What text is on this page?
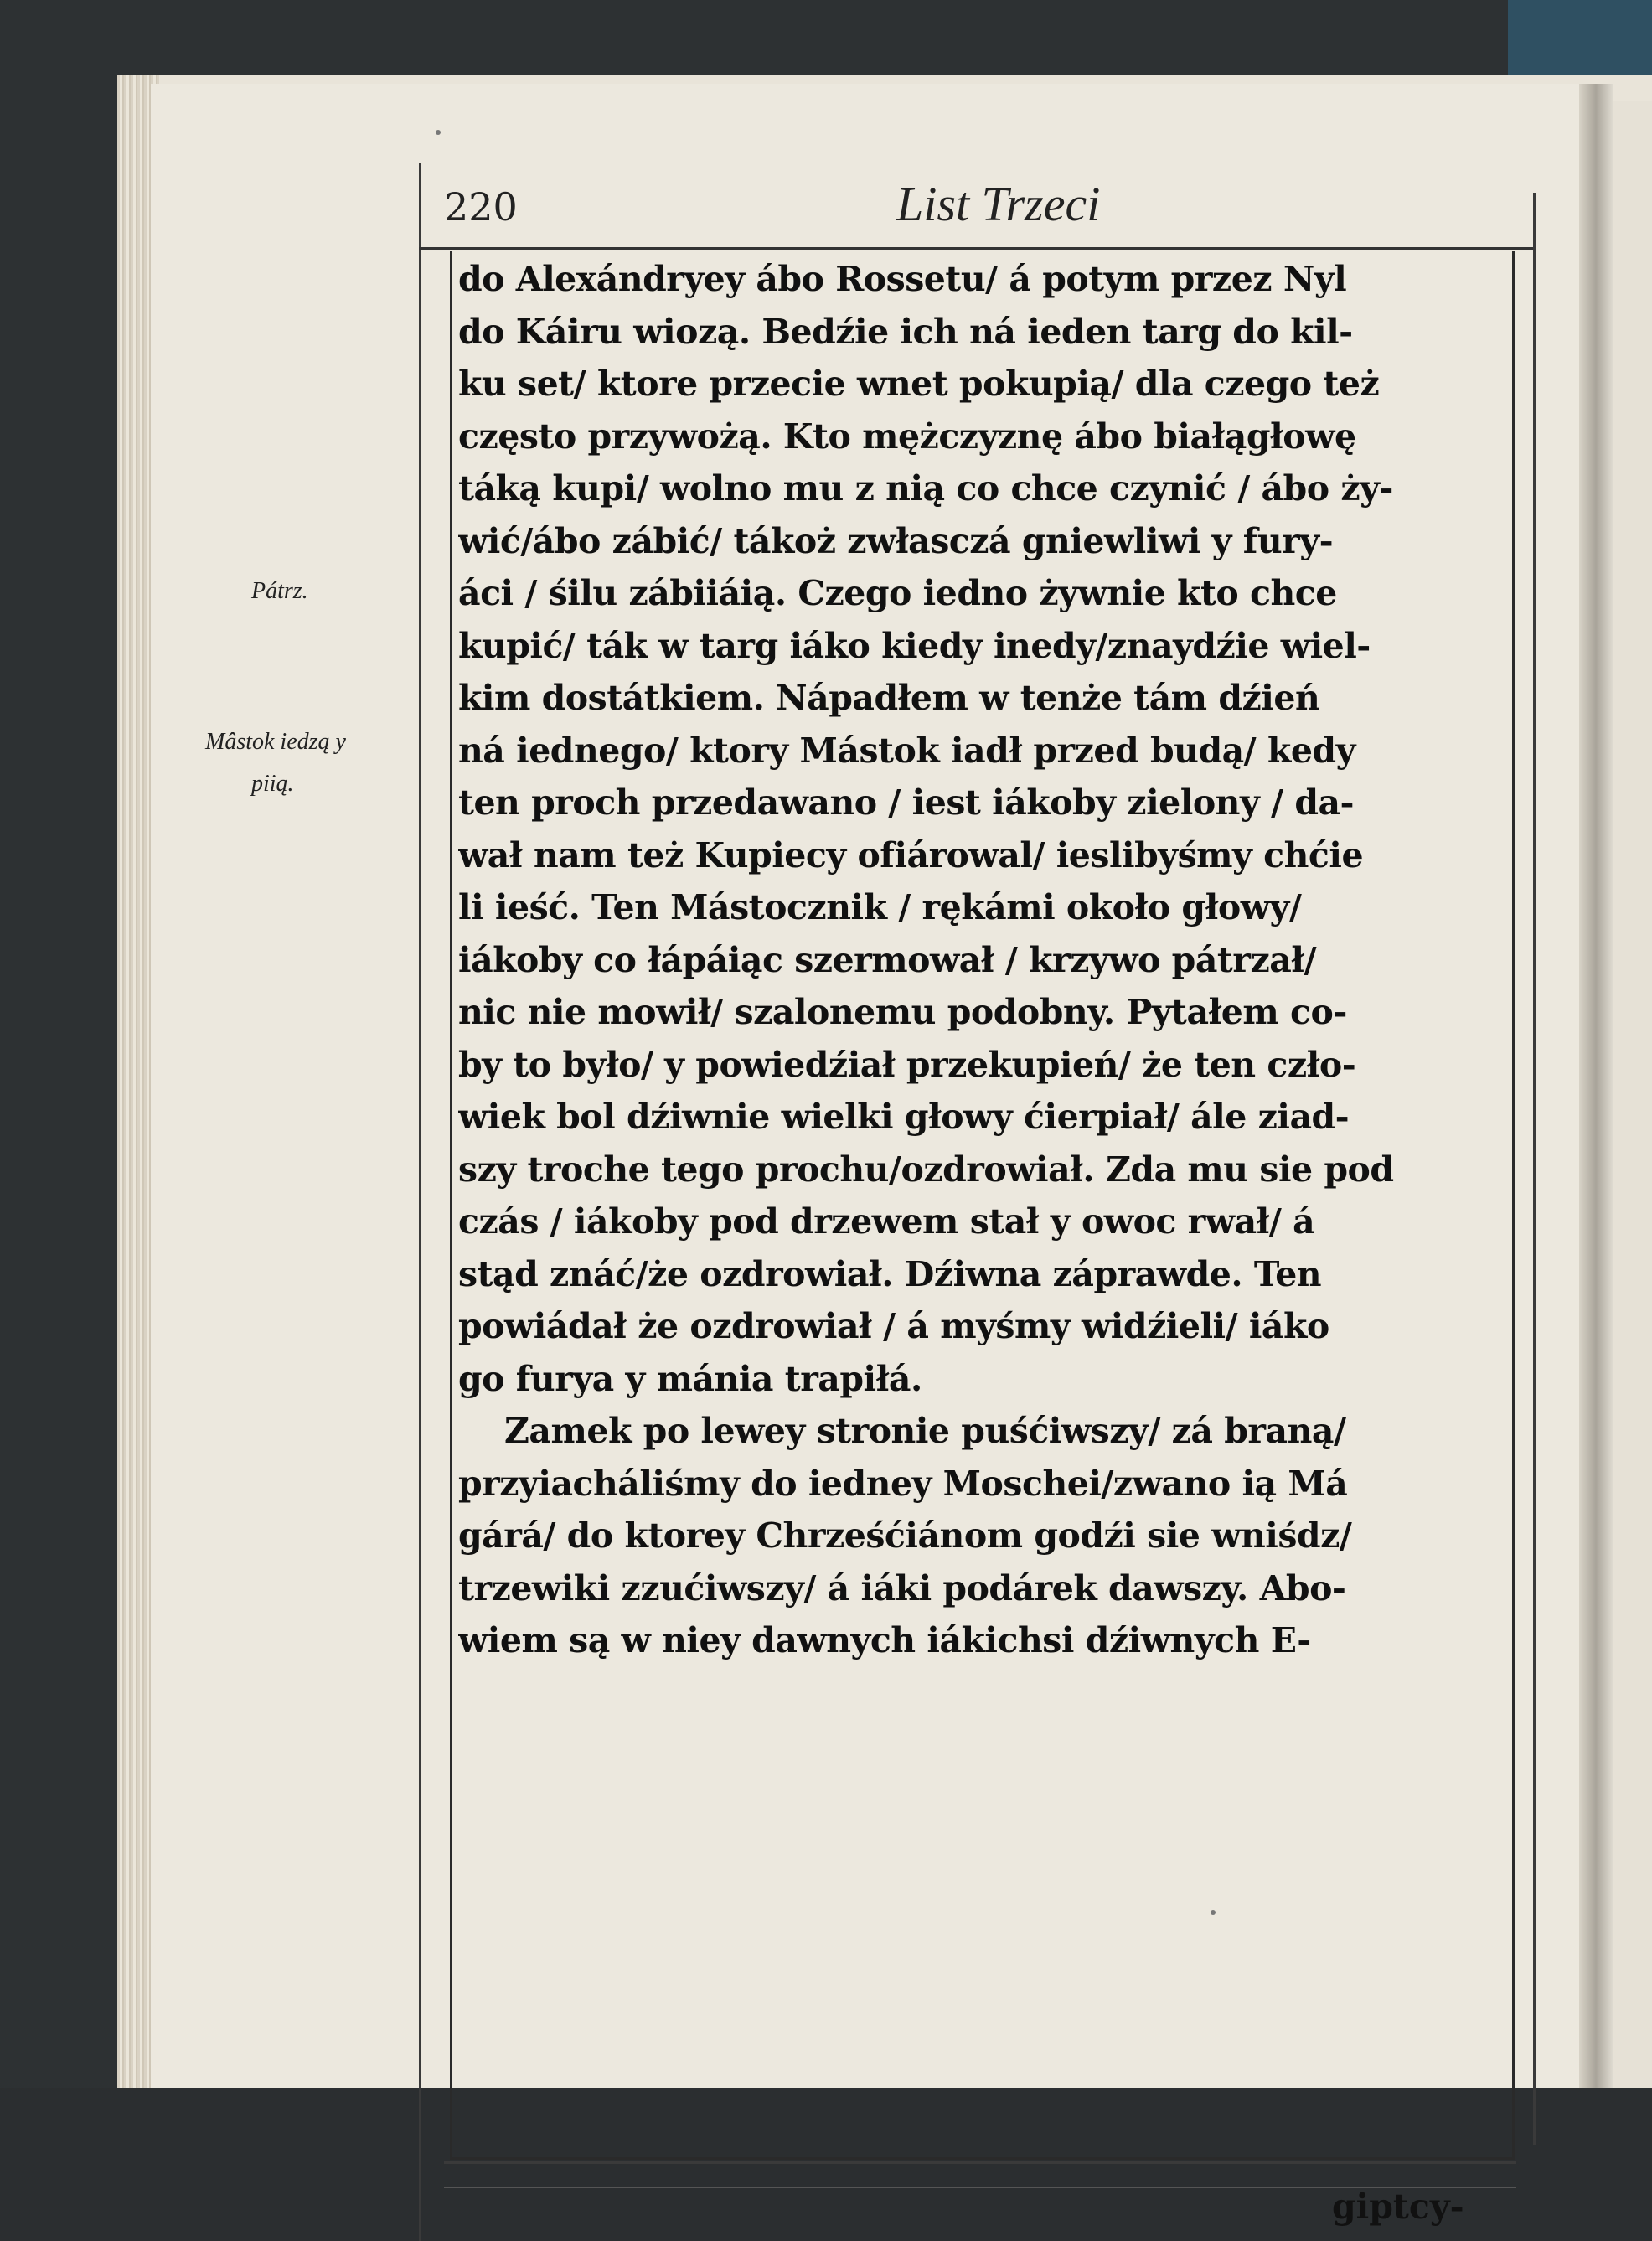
220	List Trzeci
Pátrz.
Mâstok iedzą y
piią.
do Alexándryey ábo Rossetu/ á potym przez Nyl
do Káiru wiozą. Bedźie ich ná ieden targ do kil-
ku set/ ktore przecie wnet pokupią/ dla czego też
często przywożą. Kto mężczyznę ábo białągłowę
táką kupi/ wolno mu z nią co chce czynić / ábo ży-
wić/ábo zábić/ tákoż zwłasczá gniewliwi y fury-
áci / śilu zábiiáią. Czego iedno żywnie kto chce
kupić/ ták w targ iáko kiedy inedy/znaydźie wiel-
kim dostátkiem. Nápadłem w tenże tám dźień
ná iednego/ ktory Mástok iadł przed budą/ kedy
ten proch przedawano / iest iákoby zielony / da-
wał nam też Kupiecy ofiárowal/ ieslibyśmy chćie
li ieść. Ten Mástocznik / rękámi około głowy/
iákoby co łápáiąc szermował / krzywo pátrzał/
nic nie mowił/ szalonemu podobny. Pytałem co-
by to było/ y powiedźiał przekupień/ że ten czło-
wiek bol dźiwnie wielki głowy ćierpiał/ ále ziad-
szy troche tego prochu/ozdrowiał. Zda mu sie pod
czás / iákoby pod drzewem stał y owoc rwał/ á
stąd znáć/że ozdrowiał. Dźiwna záprawde. Ten
powiádał że ozdrowiał / á myśmy widźieli/ iáko
go furya y mánia trapiłá.
Zamek po lewey stronie puśćiwszy/ zá braną/
przyiacháliśmy do iedney Moschei/zwano ią Má
gárá/ do ktorey Chrześćiánom godźi sie wniśdz/
trzewiki zzućiwszy/ á iáki podárek dawszy. Abo-
wiem są w niey dawnych iákichsi dźiwnych E-
giptcy-
